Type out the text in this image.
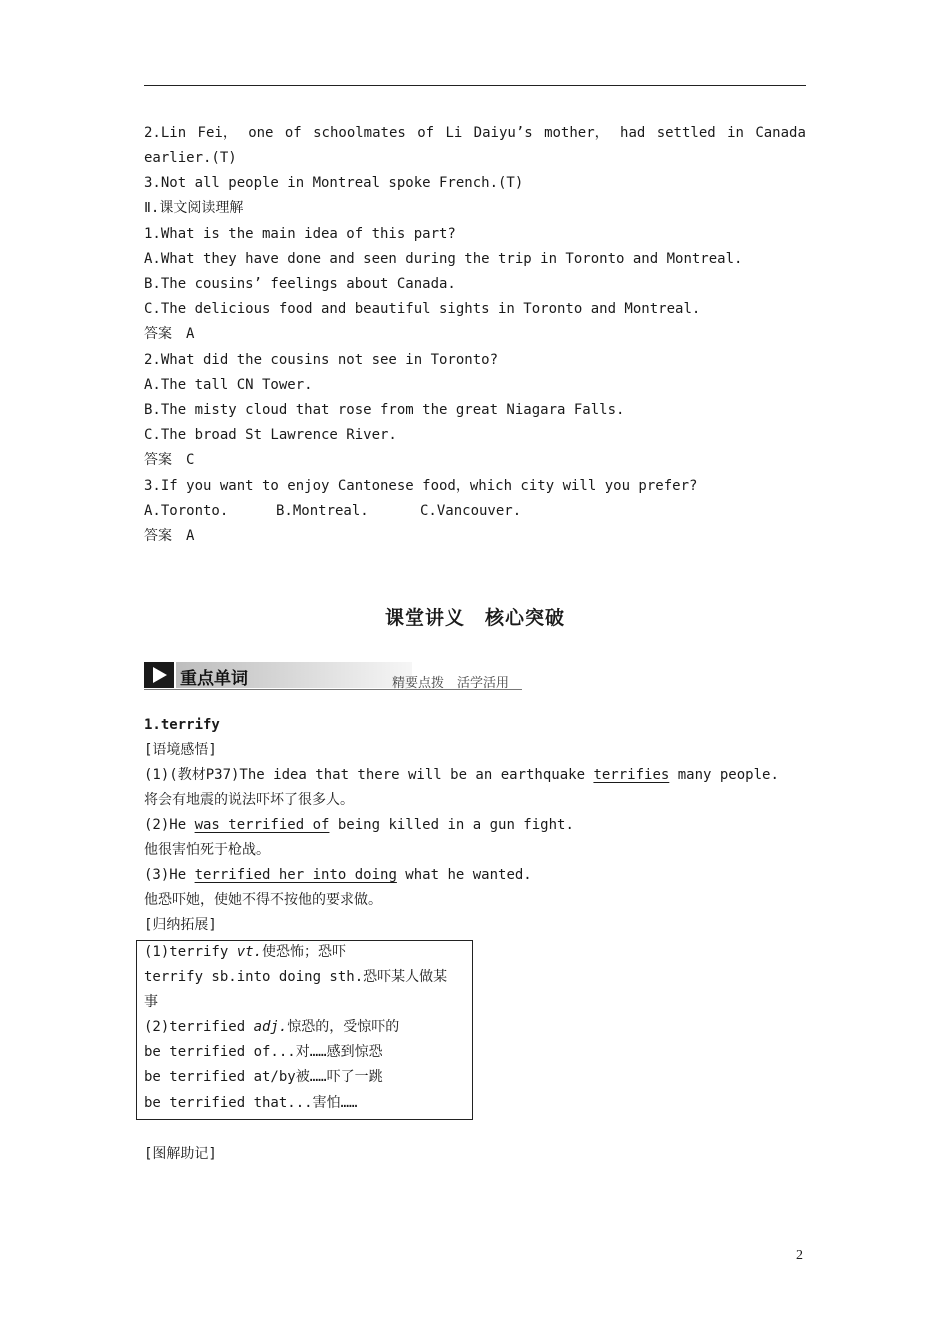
2.Lin Fei， one of schoolmates of Li Daiyu’s mother， had settled in Canada
earlier.(T)
3.Not all people in Montreal spoke French.(T)
Ⅱ.课文阅读理解
1.What is the main idea of this part?
A.What they have done and seen during the trip in Toronto and Montreal.
B.The cousins’ feelings about Canada.
C.The delicious food and beautiful sights in Toronto and Montreal.
答案　A
2.What did the cousins not see in Toronto?
A.The tall CN Tower.
B.The misty cloud that rose from the great Niagara Falls.
C.The broad St Lawrence River.
答案　C
3.If you want to enjoy Cantonese food，which city will you prefer?
A.Toronto.	B.Montreal.	C.Vancouver.
答案　A
课堂讲义　核心突破
重点单词	精要点拨　活学活用
1.terrify
[语境感悟]
(1)(教材P37)The idea that there will be an earthquake terrifies many people.
将会有地震的说法吓坏了很多人。
(2)He was terrified of being killed in a gun fight.
他很害怕死于枪战。
(3)He terrified her into doing what he wanted.
他恐吓她，使她不得不按他的要求做。
[归纳拓展]
(1)terrify vt.使恐怖；恐吓
terrify sb.into doing sth.恐吓某人做某
事
(2)terrified adj.惊恐的，受惊吓的
be terrified of...对……感到惊恐
be terrified at/by被……吓了一跳
be terrified that...害怕……
[图解助记]
2
